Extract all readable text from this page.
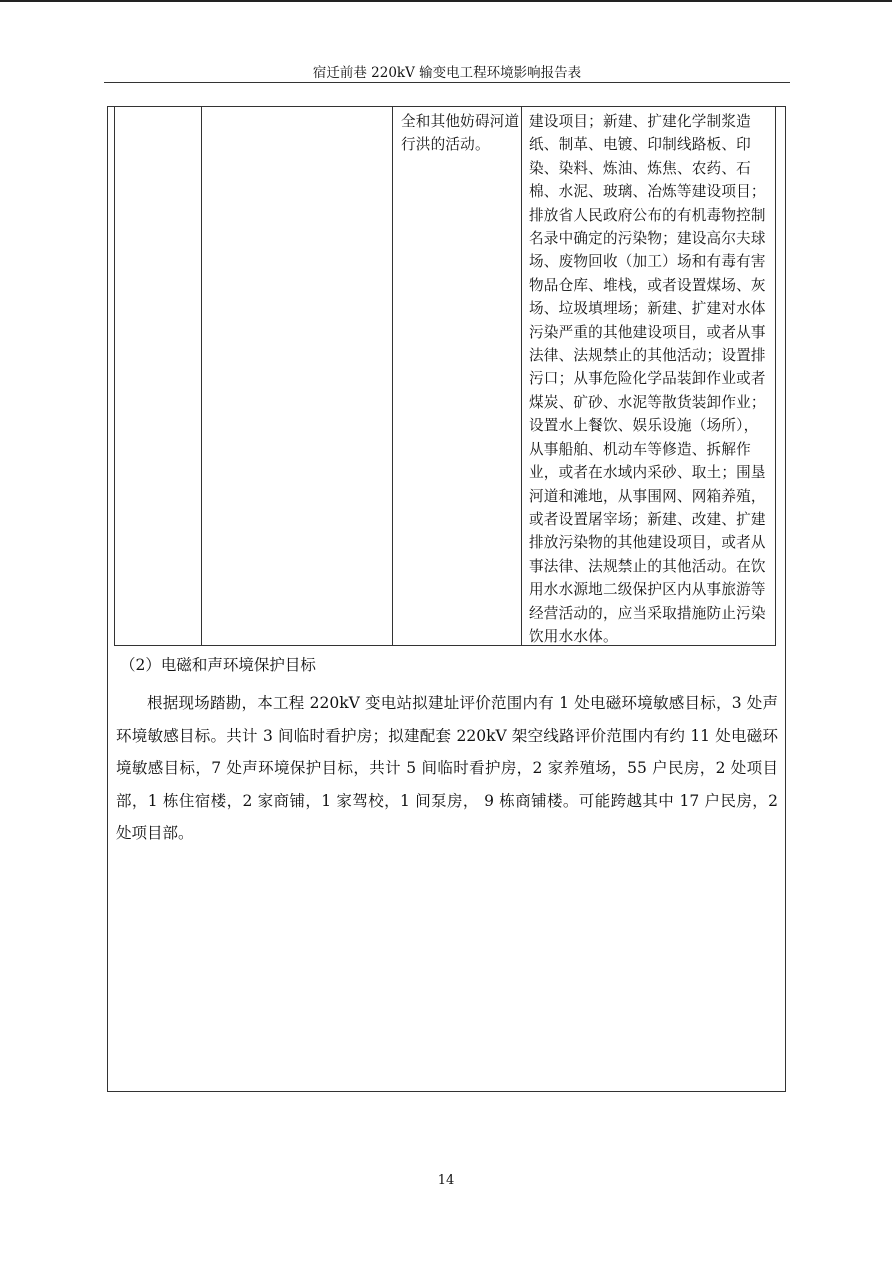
宿迁前巷 220kV 输变电工程环境影响报告表
全和其他妨碍河道行洪的活动。
建设项目；新建、扩建化学制浆造纸、制革、电镀、印制线路板、印染、染料、炼油、炼焦、农药、石棉、水泥、玻璃、冶炼等建设项目；排放省人民政府公布的有机毒物控制名录中确定的污染物；建设高尔夫球场、废物回收（加工）场和有毒有害物品仓库、堆栈，或者设置煤场、灰场、垃圾填埋场；新建、扩建对水体污染严重的其他建设项目，或者从事法律、法规禁止的其他活动；设置排污口；从事危险化学品装卸作业或者煤炭、矿砂、水泥等散货装卸作业；设置水上餐饮、娱乐设施（场所），从事船舶、机动车等修造、拆解作业，或者在水域内采砂、取土；围垦河道和滩地，从事围网、网箱养殖，或者设置屠宰场；新建、改建、扩建排放污染物的其他建设项目，或者从事法律、法规禁止的其他活动。在饮用水水源地二级保护区内从事旅游等经营活动的，应当采取措施防止污染饮用水水体。
（2）电磁和声环境保护目标
根据现场踏勘，本工程 220kV 变电站拟建址评价范围内有 1 处电磁环境敏感目标，3 处声环境敏感目标。共计 3 间临时看护房；拟建配套 220kV 架空线路评价范围内有约 11 处电磁环境敏感目标，7 处声环境保护目标，共计 5 间临时看护房，2 家养殖场，55 户民房，2 处项目部，1 栋住宿楼，2 家商铺，1 家驾校，1 间泵房， 9 栋商铺楼。可能跨越其中 17 户民房，2 处项目部。
14
